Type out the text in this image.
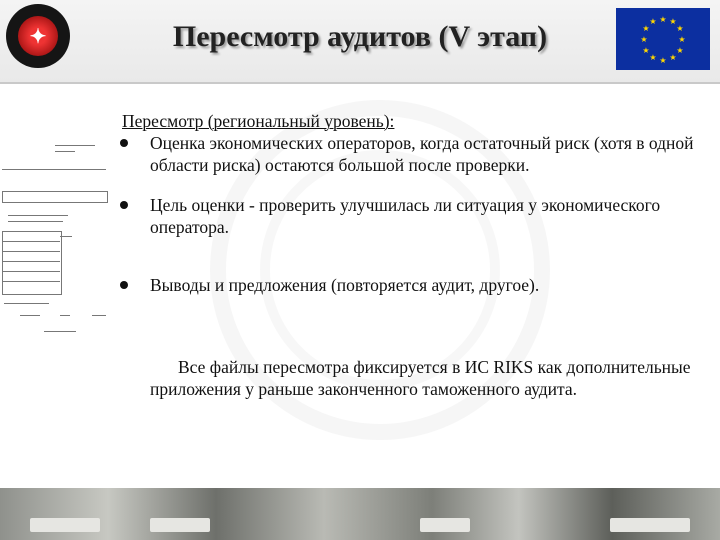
✦	Пересмотр аудитов (V этап)
★ ★
★
★
★
★
★
★
★
★
★
★
Пересмотр (региональный уровень):
Оценка экономических операторов, когда остаточный риск (хотя в одной области риска) остаются большой после проверки.
Цель оценки - проверить улучшилась ли ситуация у экономического оператора.
Выводы и предложения (повторяется аудит, другое).
Все файлы пересмотра фиксируется в ИС RIKS как дополнительные приложения у раньше законченного таможенного аудита.
